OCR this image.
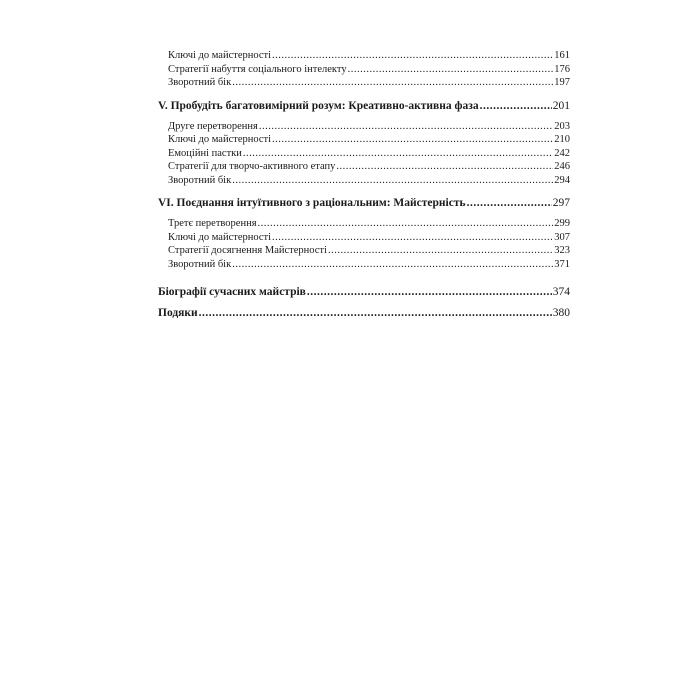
Ключі до майстерності .....	161
Стратегії набуття соціального інтелекту .....	176
Зворотний бік .....	197
V. Пробудіть багатовимірний розум: Креативно-активна фаза .....	201
Друге перетворення .....	203
Ключі до майстерності .....	210
Емоційні пастки .....	242
Стратегії для творчо-активного етапу .....	246
Зворотний бік .....	294
VI. Поєднання інтуїтивного з раціональним: Майстерність .....	297
Третє перетворення .....	299
Ключі до майстерності .....	307
Стратегії досягнення Майстерності .....	323
Зворотний бік .....	371
Біографії сучасних майстрів .....	374
Подяки .....	380
